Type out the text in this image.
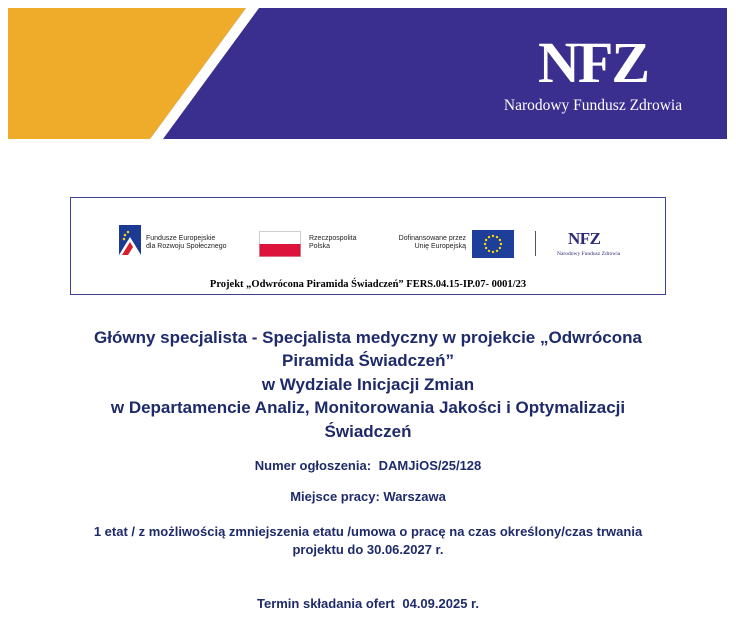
NFZ
Narodowy Fundusz Zdrowia
Fundusze Europejskie
dla Rozwoju Społecznego
Rzeczpospolita
Polska
Dofinansowane przez
Unię Europejską	NFZ
Narodowy Fundusz Zdrowia
Projekt „Odwrócona Piramida Świadczeń” FERS.04.15-IP.07- 0001/23
Główny specjalista - Specjalista medyczny w projekcie „Odwrócona
Piramida Świadczeń”
w Wydziale Inicjacji Zmian
w Departamencie Analiz, Monitorowania Jakości i Optymalizacji
Świadczeń
Numer ogłoszenia: DAMJiOS/25/128
Miejsce pracy: Warszawa
1 etat / z możliwością zmniejszenia etatu /umowa o pracę na czas określony/czas trwania
projektu do 30.06.2027 r.
Termin składania ofert 04.09.2025 r.
